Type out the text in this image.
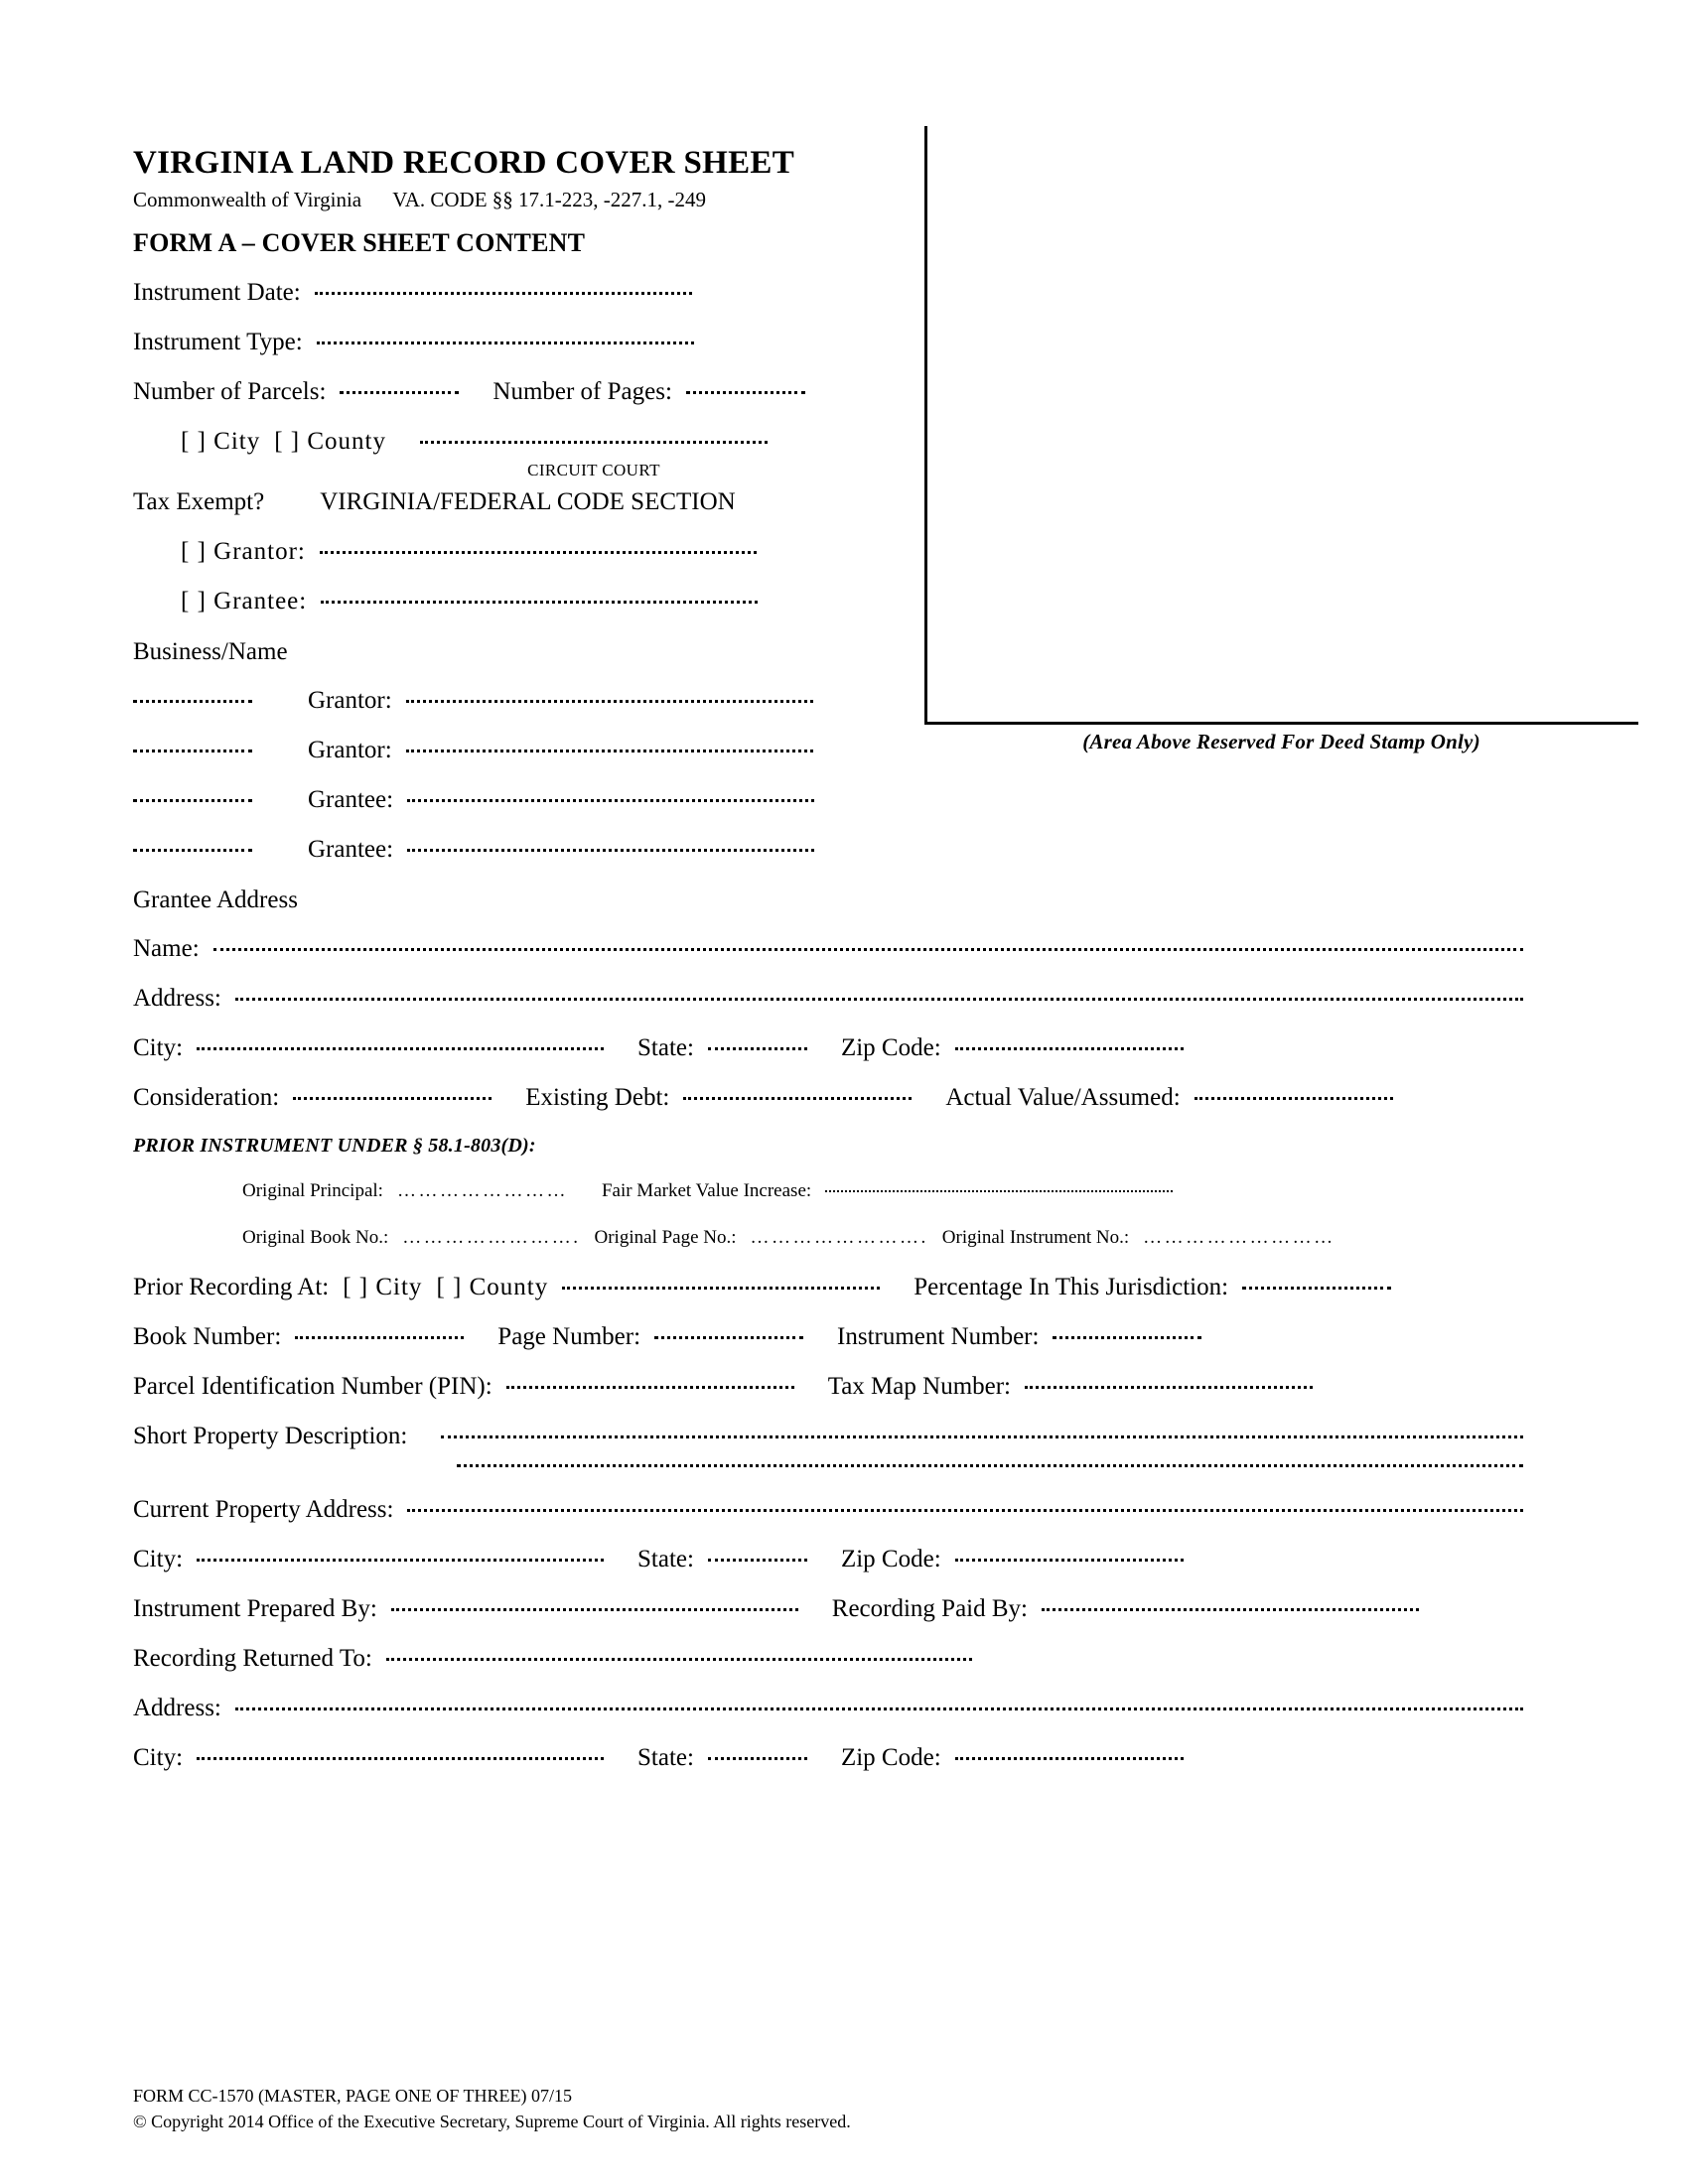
(Area Above Reserved For Deed Stamp Only)
VIRGINIA LAND RECORD COVER SHEET
Commonwealth of Virginia VA. CODE §§ 17.1-223, -227.1, -249
FORM A – COVER SHEET CONTENT
Instrument Date:
Instrument Type:
Number of Parcels:	Number of Pages:
[ ] City [ ] County
CIRCUIT COURT
Tax Exempt? VIRGINIA/FEDERAL CODE SECTION
[ ] Grantor:
[ ] Grantee:
Business/Name
Grantor:
Grantor:
Grantee:
Grantee:
Grantee Address
Name:
Address:
City:	State:	Zip Code:
Consideration:	Existing Debt:	Actual Value/Assumed:
PRIOR INSTRUMENT UNDER § 58.1-803(D):
Original Principal: …………………… Fair Market Value Increase:
Original Book No.: ……………………. Original Page No.: ……………………. Original Instrument No.: ………………………
Prior Recording At: [ ] City [ ] County	Percentage In This Jurisdiction:
Book Number:	Page Number:	Instrument Number:
Parcel Identification Number (PIN):	Tax Map Number:
Short Property Description:
Current Property Address:
City:	State:	Zip Code:
Instrument Prepared By:	Recording Paid By:
Recording Returned To:
Address:
City:	State:	Zip Code:
FORM CC-1570 (MASTER, PAGE ONE OF THREE) 07/15
© Copyright 2014 Office of the Executive Secretary, Supreme Court of Virginia. All rights reserved.
